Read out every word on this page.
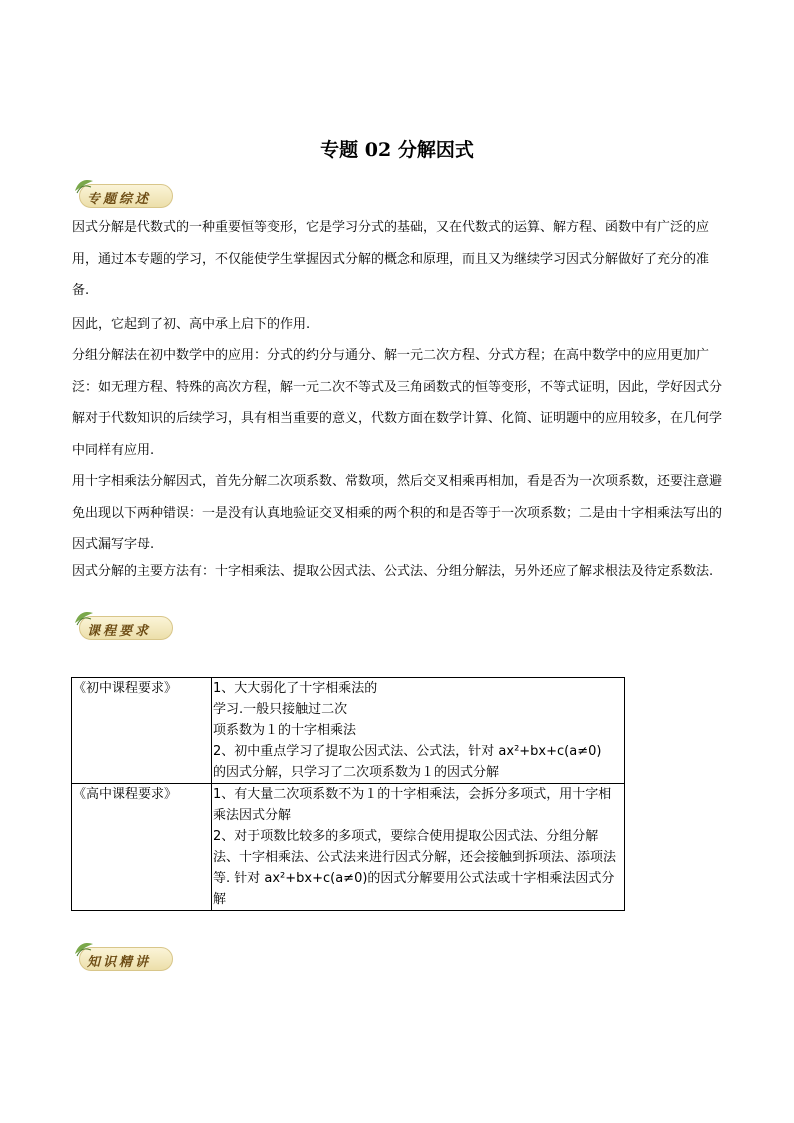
专题 02 分解因式
专题综述

因式分解是代数式的一种重要恒等变形，它是学习分式的基础，又在代数式的运算、解方程、函数中有广泛的应用，通过本专题的学习，不仅能使学生掌握因式分解的概念和原理，而且又为继续学习因式分解做好了充分的准备.

因此，它起到了初、高中承上启下的作用.

分组分解法在初中数学中的应用：分式的约分与通分、解一元二次方程、分式方程；在高中数学中的应用更加广泛：如无理方程、特殊的高次方程，解一元二次不等式及三角函数式的恒等变形，不等式证明，因此，学好因式分解对于代数知识的后续学习，具有相当重要的意义，代数方面在数学计算、化简、证明题中的应用较多，在几何学中同样有应用.

用十字相乘法分解因式，首先分解二次项系数、常数项，然后交叉相乘再相加，看是否为一次项系数，还要注意避免出现以下两种错误：一是没有认真地验证交叉相乘的两个积的和是否等于一次项系数；二是由十字相乘法写出的因式漏写字母.

因式分解的主要方法有：十字相乘法、提取公因式法、公式法、分组分解法，另外还应了解求根法及待定系数法.

课程要求
《初中课程要求》	1、大大弱化了十字相乘法的
学习.一般只接触过二次
项系数为１的十字相乘法
2、初中重点学习了提取公因式法、公式法，针对 ax²+bx+c(a≠0)
的因式分解，只学习了二次项系数为１的因式分解

《高中课程要求》	1、有大量二次项系数不为１的十字相乘法，会拆分多项式，用十字相乘法因式分解
2、对于项数比较多的多项式，要综合使用提取公因式法、分组分解法、十字相乘法、公式法来进行因式分解，还会接触到拆项法、添项法等. 针对 ax²+bx+c(a≠0)的因式分解要用公式法或十字相乘法因式分解
知识精讲
